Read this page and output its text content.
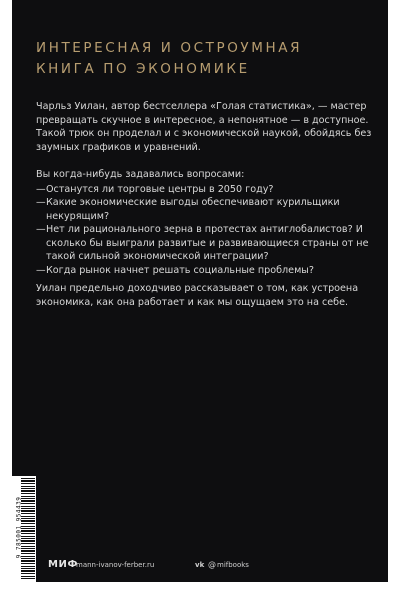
ИНТЕРЕСНАЯ И ОСТРОУМНАЯ
КНИГА ПО ЭКОНОМИКЕ

Чарльз Уилан, автор бестселлера «Голая статистика», — мастер превращать скучное в интересное, а непонятное — в доступное. Такой трюк он проделал и с экономической наукой, обойдясь без заумных графиков и уравнений.

Вы когда-нибудь задавались вопросами:

— Останутся ли торговые центры в 2050 году?

— Какие экономические выгоды обеспечивают курильщики некурящим?

— Нет ли рационального зерна в протестах антиглобалистов? И сколько бы выиграли развитые и развивающиеся страны от не такой сильной экономической интеграции?

— Когда рынок начнет решать социальные проблемы?

Уилан предельно доходчиво рассказывает о том, как устроена экономика, как она работает и как мы ощущаем это на себе.

9 785001 954439
МИФ
mann-ivanov-ferber.ru	vk @ mifbooks
